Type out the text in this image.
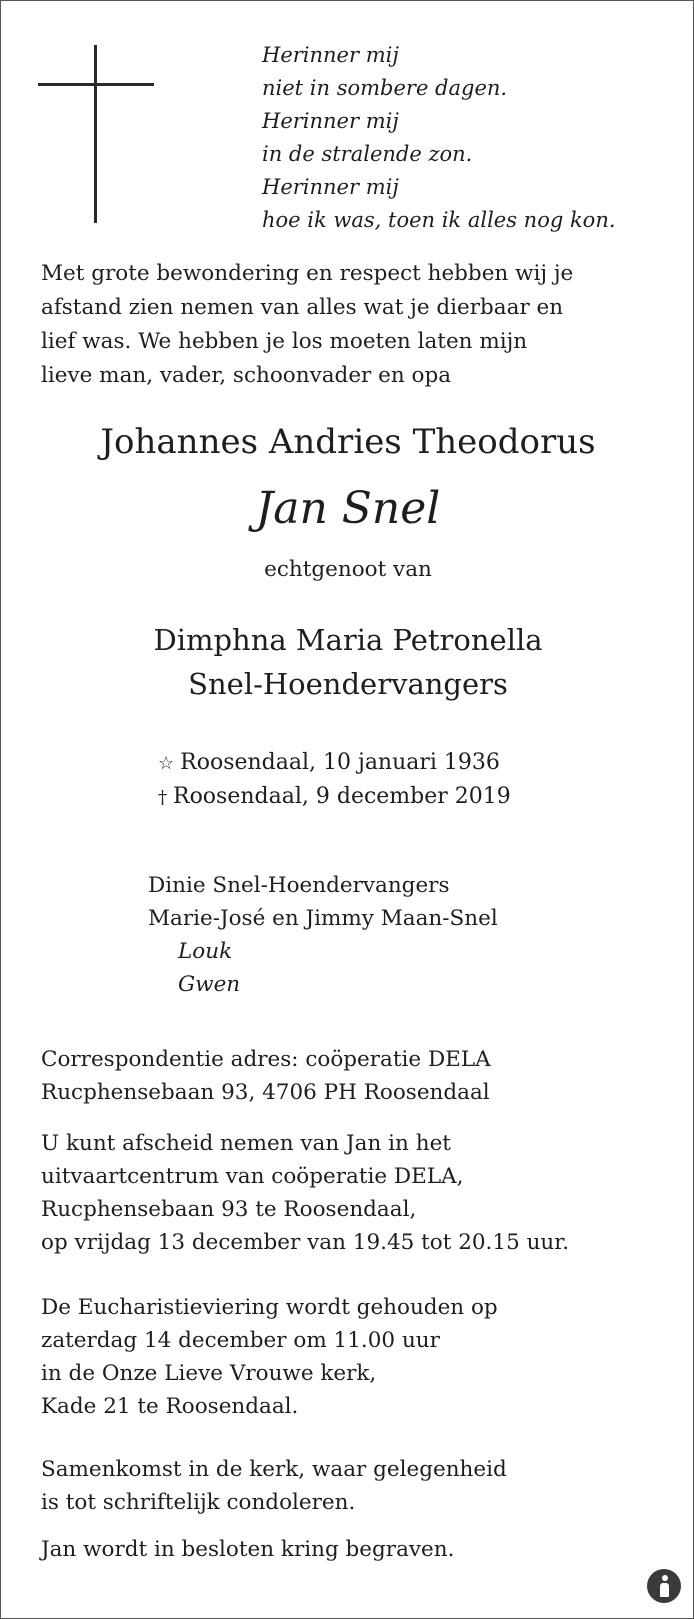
Herinner mij
niet in sombere dagen.
Herinner mij
in de stralende zon.
Herinner mij
hoe ik was, toen ik alles nog kon.
Met grote bewondering en respect hebben wij je
afstand zien nemen van alles wat je dierbaar en
lief was. We hebben je los moeten laten mijn
lieve man, vader, schoonvader en opa
Johannes Andries Theodorus
Jan Snel
echtgenoot van
Dimphna Maria Petronella
Snel-Hoendervangers
☆ Roosendaal, 10 januari 1936
† Roosendaal, 9 december 2019
Dinie Snel-Hoendervangers
Marie-José en Jimmy Maan-Snel
Louk
Gwen
Correspondentie adres: coöperatie DELA
Rucphensebaan 93, 4706 PH Roosendaal
U kunt afscheid nemen van Jan in het
uitvaartcentrum van coöperatie DELA,
Rucphensebaan 93 te Roosendaal,
op vrijdag 13 december van 19.45 tot 20.15 uur.
De Eucharistieviering wordt gehouden op
zaterdag 14 december om 11.00 uur
in de Onze Lieve Vrouwe kerk,
Kade 21 te Roosendaal.
Samenkomst in de kerk, waar gelegenheid
is tot schriftelijk condoleren.
Jan wordt in besloten kring begraven.
